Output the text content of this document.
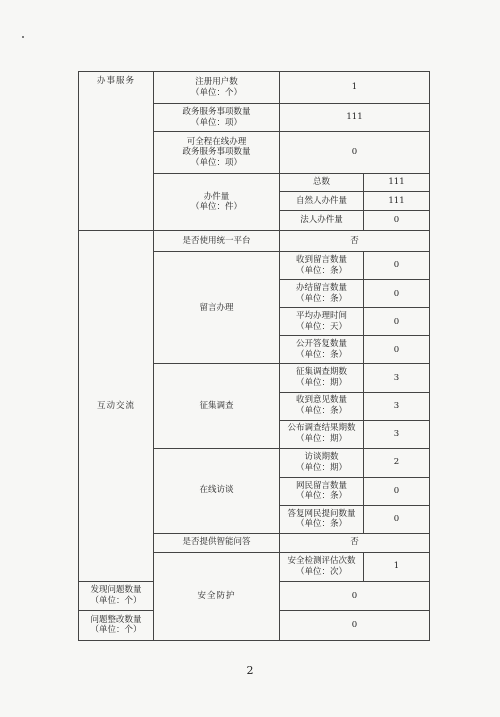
办事服务	注册用户数
（单位：个）	1	
	政务服务事项数量
（单位：项）	111	
	可全程在线办理
政务服务事项数量
（单位：项）	0	
	办件量
（单位：件）	总数	111
		自然人办件量	111
		法人办件量	0
互动交流	是否使用统一平台	否	
	留言办理	收到留言数量
（单位：条）	0
		办结留言数量
（单位：条）	0
		平均办理时间
（单位：天）	0
		公开答复数量
（单位：条）	0
	征集调查	征集调查期数
（单位：期）	3
		收到意见数量
（单位：条）	3
		公布调查结果期数
（单位：期）	3
	在线访谈	访谈期数
（单位：期）	2
		网民留言数量
（单位：条）	0
		答复网民提问数量
（单位：条）	0
	是否提供智能问答	否	
	安全防护	安全检测评估次数
（单位：次）	1
发现问题数量
（单位：个）		0	
问题整改数量
（单位：个）		0	
2
